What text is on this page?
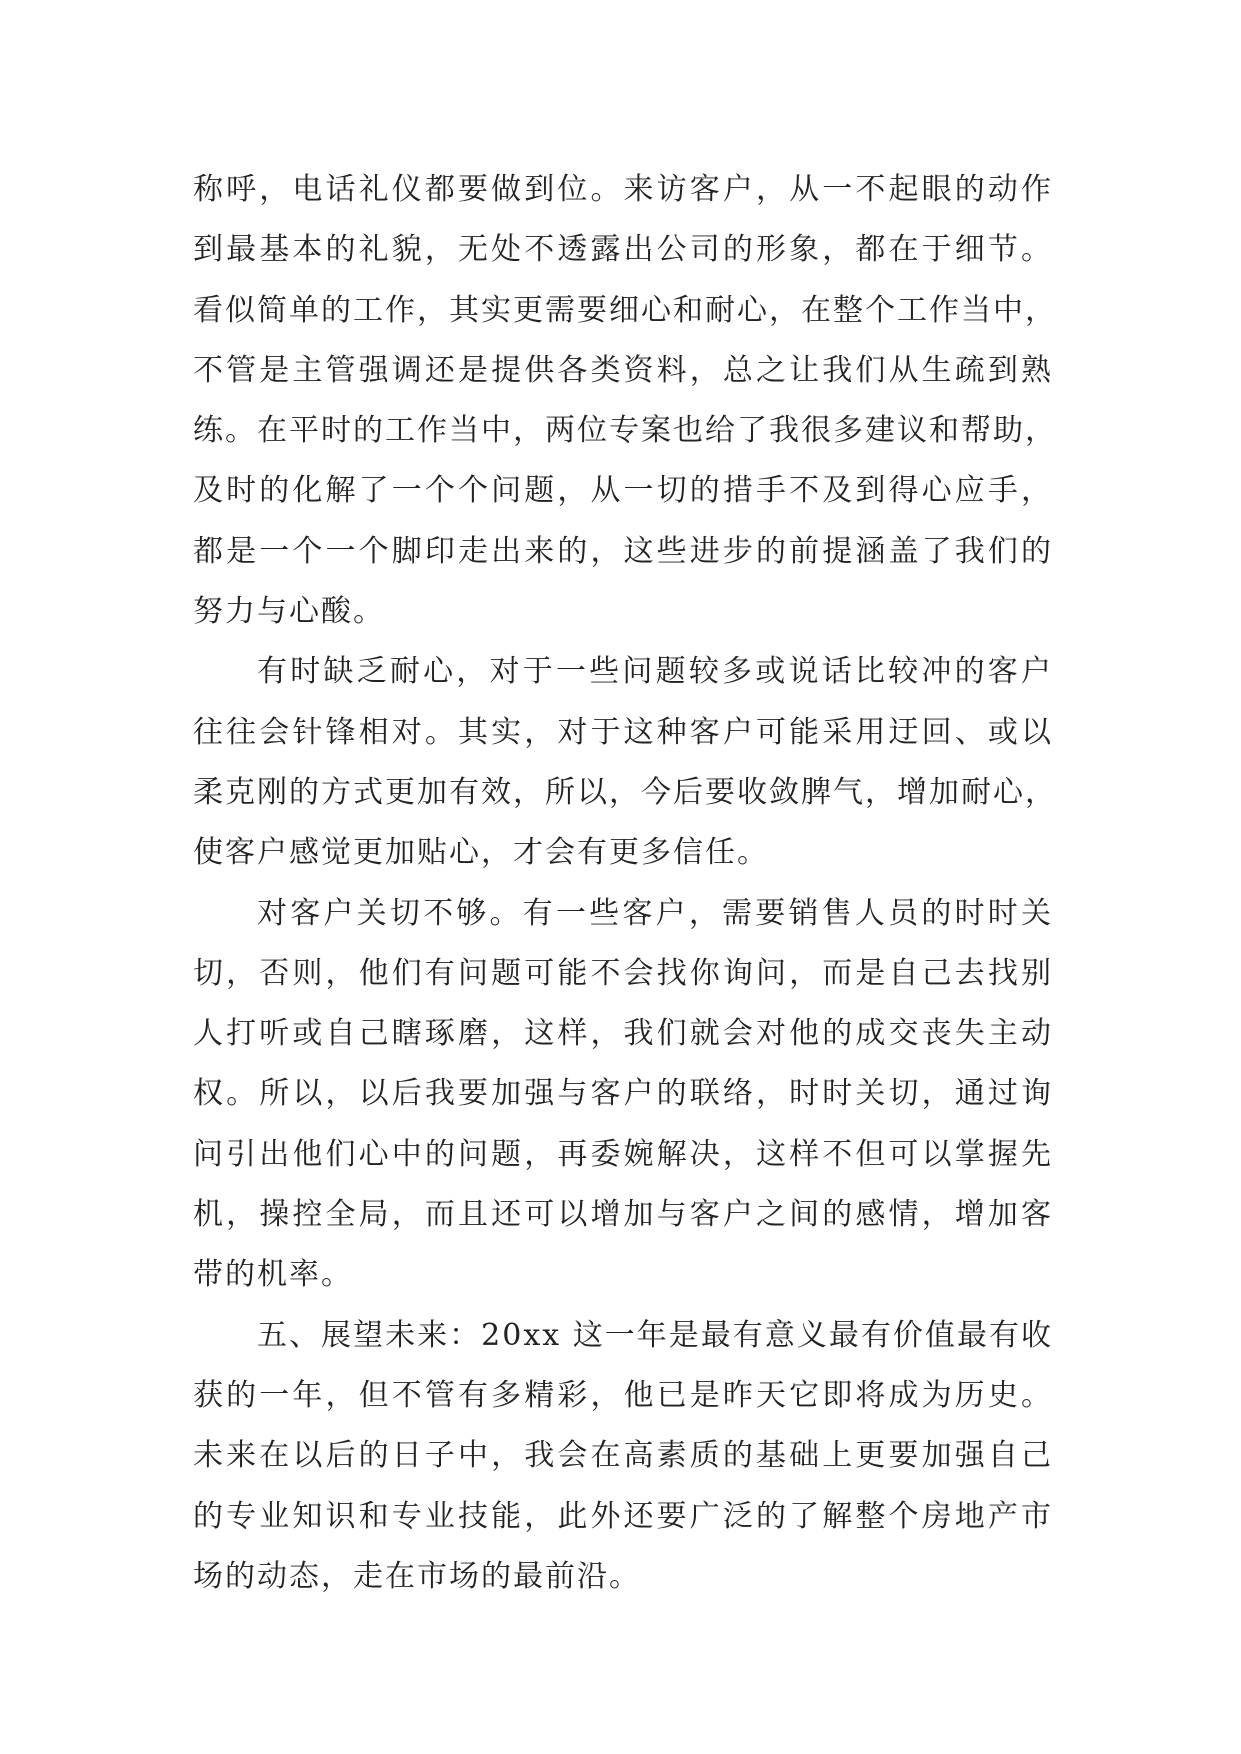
称呼，电话礼仪都要做到位。来访客户，从一不起眼的动作
到最基本的礼貌，无处不透露出公司的形象，都在于细节。
看似简单的工作，其实更需要细心和耐心，在整个工作当中，
不管是主管强调还是提供各类资料，总之让我们从生疏到熟
练。在平时的工作当中，两位专案也给了我很多建议和帮助，
及时的化解了一个个问题，从一切的措手不及到得心应手，
都是一个一个脚印走出来的，这些进步的前提涵盖了我们的
努力与心酸。
有时缺乏耐心，对于一些问题较多或说话比较冲的客户
往往会针锋相对。其实，对于这种客户可能采用迂回、或以
柔克刚的方式更加有效，所以，今后要收敛脾气，增加耐心，
使客户感觉更加贴心，才会有更多信任。
对客户关切不够。有一些客户，需要销售人员的时时关
切，否则，他们有问题可能不会找你询问，而是自己去找别
人打听或自己瞎琢磨，这样，我们就会对他的成交丧失主动
权。所以，以后我要加强与客户的联络，时时关切，通过询
问引出他们心中的问题，再委婉解决，这样不但可以掌握先
机，操控全局，而且还可以增加与客户之间的感情，增加客
带的机率。
五、展望未来：20xx 这一年是最有意义最有价值最有收
获的一年，但不管有多精彩，他已是昨天它即将成为历史。
未来在以后的日子中，我会在高素质的基础上更要加强自己
的专业知识和专业技能，此外还要广泛的了解整个房地产市
场的动态，走在市场的最前沿。
